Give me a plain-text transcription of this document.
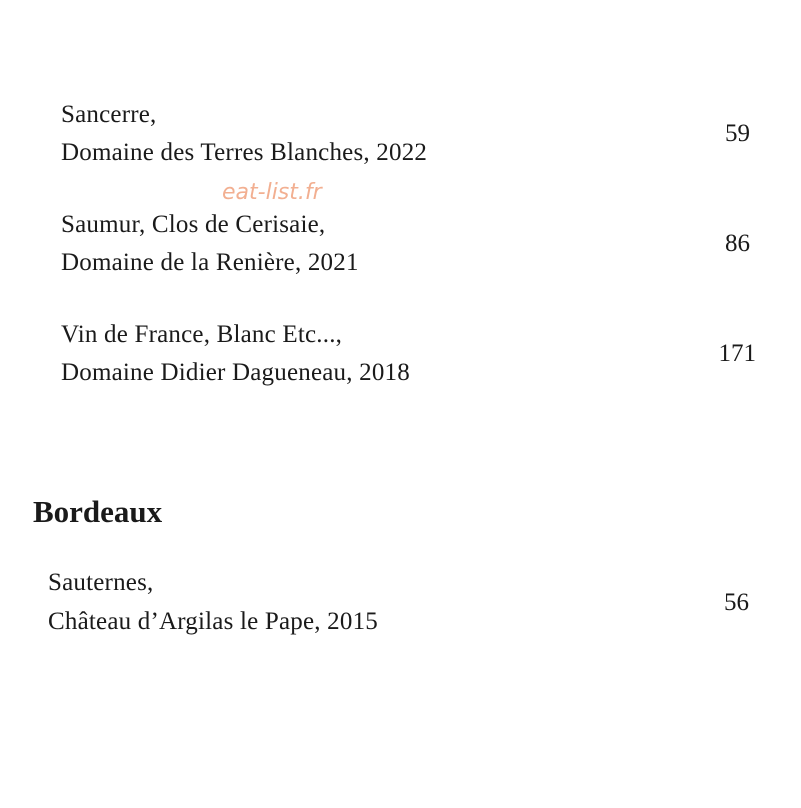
Sancerre,
Domaine des Terres Blanches, 2022
59
eat-list.fr
Saumur, Clos de Cerisaie,
Domaine de la Renière, 2021
86
Vin de France, Blanc Etc...,
Domaine Didier Dagueneau, 2018
171
Bordeaux
Sauternes,
Château d’Argilas le Pape, 2015
56
